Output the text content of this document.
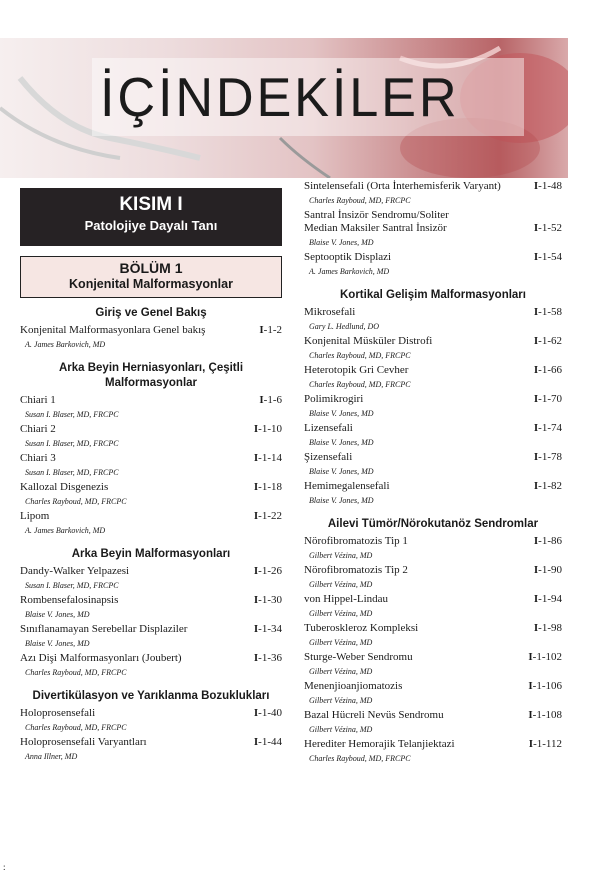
İÇİNDEKİLER
KISIM I
Patolojiye Dayalı Tanı
BÖLÜM 1
Konjenital Malformasyonlar
Giriş ve Genel Bakış
Konjenital Malformasyonlara Genel bakış	I-1-2
A. James Barkovich, MD
Arka Beyin Herniasyonları, Çeşitli Malformasyonlar
Chiari 1	I-1-6
Susan I. Blaser, MD, FRCPC
Chiari 2	I-1-10
Susan I. Blaser, MD, FRCPC
Chiari 3	I-1-14
Susan I. Blaser, MD, FRCPC
Kallozal Disgenezis	I-1-18
Charles Rayboud, MD, FRCPC
Lipom	I-1-22
A. James Barkovich, MD
Arka Beyin Malformasyonları
Dandy-Walker Yelpazesi	I-1-26
Susan I. Blaser, MD, FRCPC
Rombensefalosinapsis	I-1-30
Blaise V. Jones, MD
Sınıflanamayan Serebellar Displaziler	I-1-34
Blaise V. Jones, MD
Azı Dişi Malformasyonları (Joubert)	I-1-36
Charles Rayboud, MD, FRCPC
Divertikülasyon ve Yarıklanma Bozuklukları
Holoprosensefali	I-1-40
Charles Rayboud, MD, FRCPC
Holoprosensefali Varyantları	I-1-44
Anna Illner, MD
Sintelensefali (Orta İnterhemisferik Varyant)	I-1-48
Charles Rayboud, MD, FRCPC
Santral İnsizör Sendromu/Soliter
Median Maksiler Santral İnsizör	I-1-52
Blaise V. Jones, MD
Septooptik Displazi	I-1-54
A. James Barkovich, MD
Kortikal Gelişim Malformasyonları
Mikrosefali	I-1-58
Gary L. Hedlund, DO
Konjenital Müsküler Distrofi	I-1-62
Charles Rayboud, MD, FRCPC
Heterotopik Gri Cevher	I-1-66
Charles Rayboud, MD, FRCPC
Polimikrogiri	I-1-70
Blaise V. Jones, MD
Lizensefali	I-1-74
Blaise V. Jones, MD
Şizensefali	I-1-78
Blaise V. Jones, MD
Hemimegalensefali	I-1-82
Blaise V. Jones, MD
Ailevi Tümör/Nörokutanöz Sendromlar
Nörofibromatozis Tip 1	I-1-86
Gilbert Vézina, MD
Nörofibromatozis Tip 2	I-1-90
Gilbert Vézina, MD
von Hippel-Lindau	I-1-94
Gilbert Vézina, MD
Tuberoskleroz Kompleksi	I-1-98
Gilbert Vézina, MD
Sturge-Weber Sendromu	I-1-102
Gilbert Vézina, MD
Menenjioanjiomatozis	I-1-106
Gilbert Vézina, MD
Bazal Hücreli Nevüs Sendromu	I-1-108
Gilbert Vézina, MD
Herediter Hemorajik Telanjiektazi	I-1-112
Charles Rayboud, MD, FRCPC
:
